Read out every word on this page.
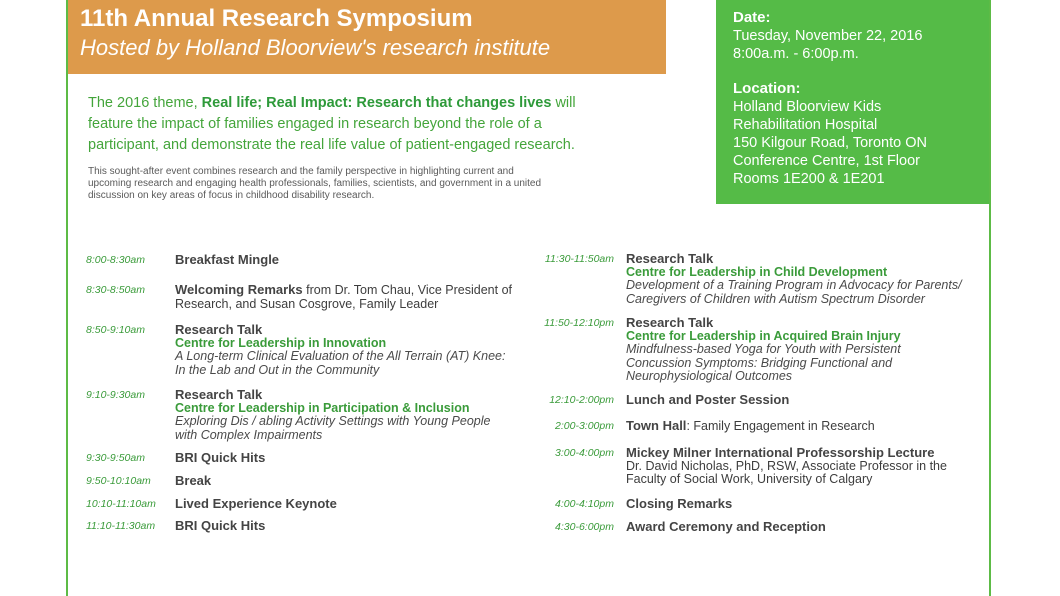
11th Annual Research Symposium
Hosted by Holland Bloorview's research institute
Date:
Tuesday, November 22, 2016
8:00a.m. - 6:00p.m.
Location:
Holland Bloorview Kids
Rehabilitation Hospital
150 Kilgour Road, Toronto ON
Conference Centre, 1st Floor
Rooms 1E200 & 1E201
The 2016 theme, Real life; Real Impact: Research that changes lives will feature the impact of families engaged in research beyond the role of a participant, and demonstrate the real life value of patient-engaged research.
This sought-after event combines research and the family perspective in highlighting current and upcoming research and engaging health professionals, families, scientists, and government in a united discussion on key areas of focus in childhood disability research.
8:00-8:30am Breakfast Mingle
8:30-8:50am Welcoming Remarks from Dr. Tom Chau, Vice President of Research, and Susan Cosgrove, Family Leader
8:50-9:10am Research Talk
Centre for Leadership in Innovation
A Long-term Clinical Evaluation of the All Terrain (AT) Knee: In the Lab and Out in the Community
9:10-9:30am Research Talk
Centre for Leadership in Participation & Inclusion
Exploring Dis / abling Activity Settings with Young People with Complex Impairments
9:30-9:50am BRI Quick Hits
9:50-10:10am Break
10:10-11:10am Lived Experience Keynote
11:10-11:30am BRI Quick Hits
11:30-11:50am Research Talk
Centre for Leadership in Child Development
Development of a Training Program in Advocacy for Parents/ Caregivers of Children with Autism Spectrum Disorder
11:50-12:10pm Research Talk
Centre for Leadership in Acquired Brain Injury
Mindfulness-based Yoga for Youth with Persistent Concussion Symptoms: Bridging Functional and Neurophysiological Outcomes
12:10-2:00pm Lunch and Poster Session
2:00-3:00pm Town Hall: Family Engagement in Research
3:00-4:00pm Mickey Milner International Professorship Lecture
Dr. David Nicholas, PhD, RSW, Associate Professor in the Faculty of Social Work, University of Calgary
4:00-4:10pm Closing Remarks
4:30-6:00pm Award Ceremony and Reception
